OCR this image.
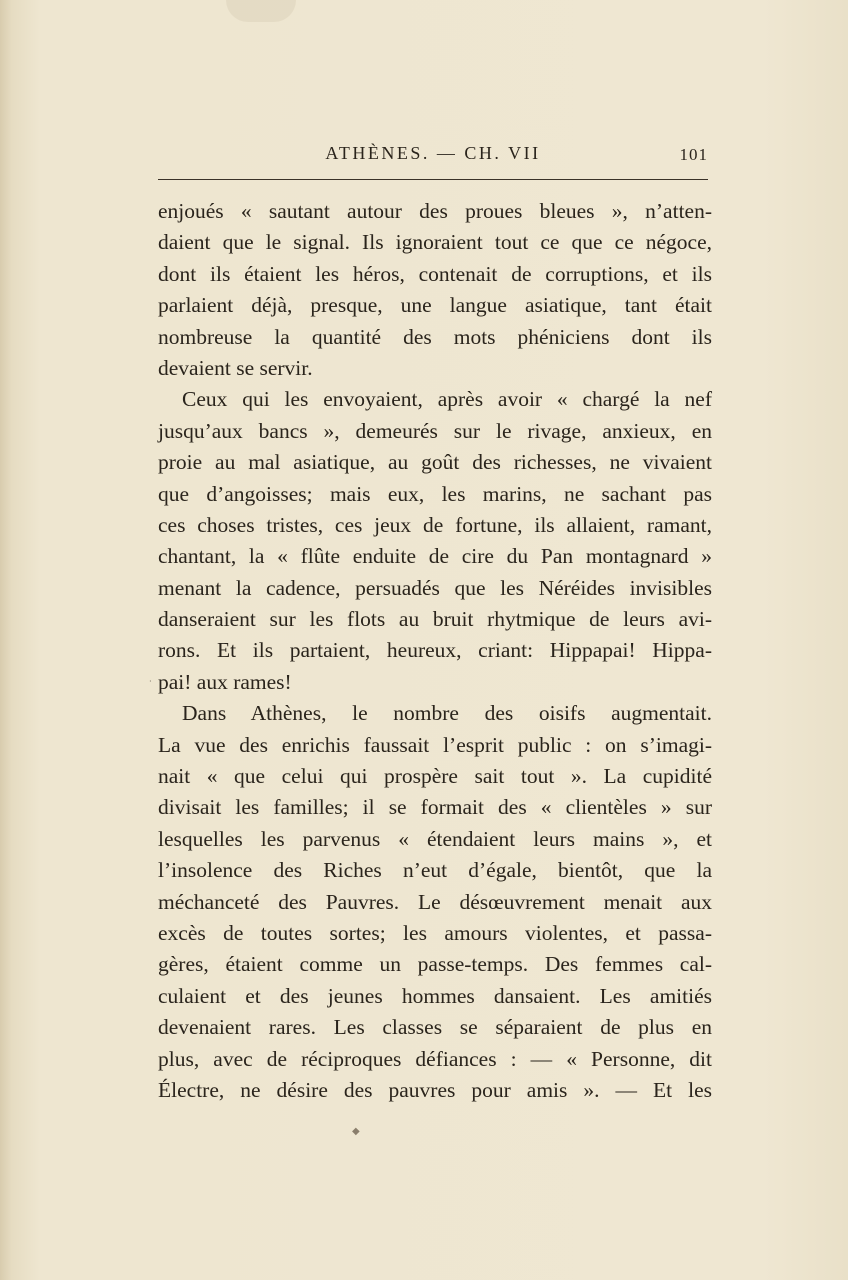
ATHÈNES. — CH. VII	101
enjoués « sautant autour des proues bleues », n’atten-
daient que le signal. Ils ignoraient tout ce que ce négoce,
dont ils étaient les héros, contenait de corruptions, et ils
parlaient déjà, presque, une langue asiatique, tant était
nombreuse la quantité des mots phéniciens dont ils
devaient se servir.
Ceux qui les envoyaient, après avoir « chargé la nef
jusqu’aux bancs », demeurés sur le rivage, anxieux, en
proie au mal asiatique, au goût des richesses, ne vivaient
que d’angoisses; mais eux, les marins, ne sachant pas
ces choses tristes, ces jeux de fortune, ils allaient, ramant,
chantant, la « flûte enduite de cire du Pan montagnard »
menant la cadence, persuadés que les Néréides invisibles
danseraient sur les flots au bruit rhytmique de leurs avi-
rons. Et ils partaient, heureux, criant: Hippapai! Hippa-
pai! aux rames!
Dans Athènes, le nombre des oisifs augmentait.
La vue des enrichis faussait l’esprit public : on s’imagi-
nait « que celui qui prospère sait tout ». La cupidité
divisait les familles; il se formait des « clientèles » sur
lesquelles les parvenus « étendaient leurs mains », et
l’insolence des Riches n’eut d’égale, bientôt, que la
méchanceté des Pauvres. Le désœuvrement menait aux
excès de toutes sortes; les amours violentes, et passa-
gères, étaient comme un passe-temps. Des femmes cal-
culaient et des jeunes hommes dansaient. Les amitiés
devenaient rares. Les classes se séparaient de plus en
plus, avec de réciproques défiances : — « Personne, dit
Électre, ne désire des pauvres pour amis ». — Et les
·
◆
